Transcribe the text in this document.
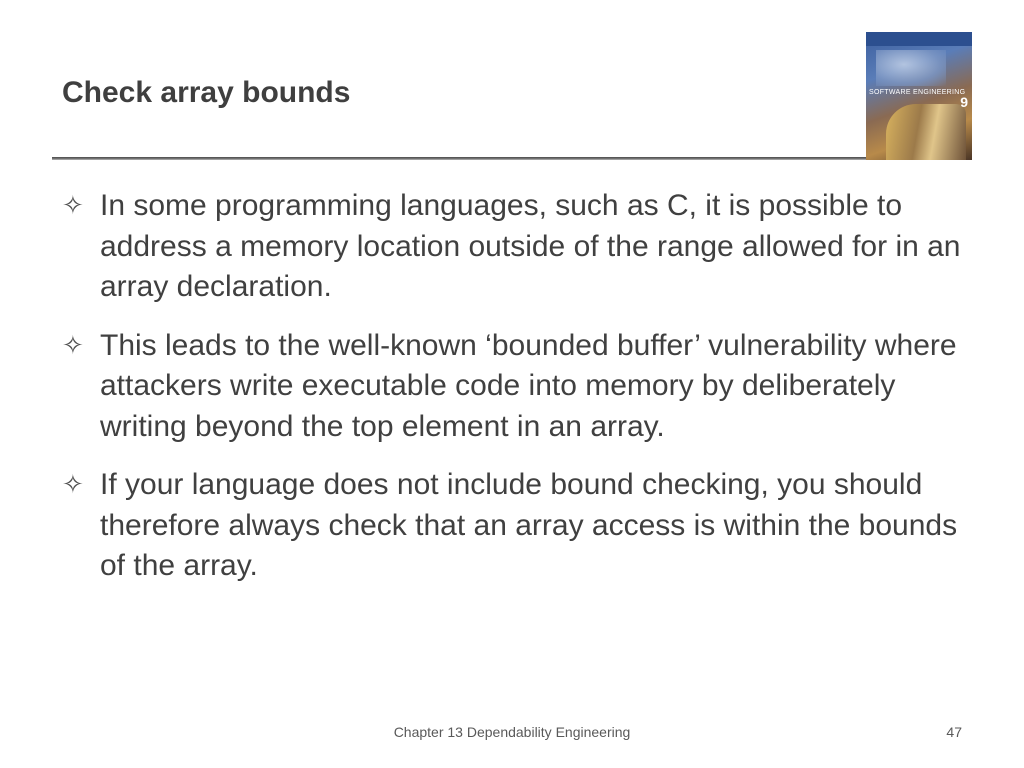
Check array bounds	SOFTWARE ENGINEERING
9
✧ In some programming languages, such as C, it is possible to address a memory location outside of the range allowed for in an array declaration.
✧ This leads to the well-known ‘bounded buffer’ vulnerability where attackers write executable code into memory by deliberately writing beyond the top element in an array.
✧ If your language does not include bound checking, you should therefore always check that an array access is within the bounds of the array.
Chapter 13 Dependability Engineering	47
